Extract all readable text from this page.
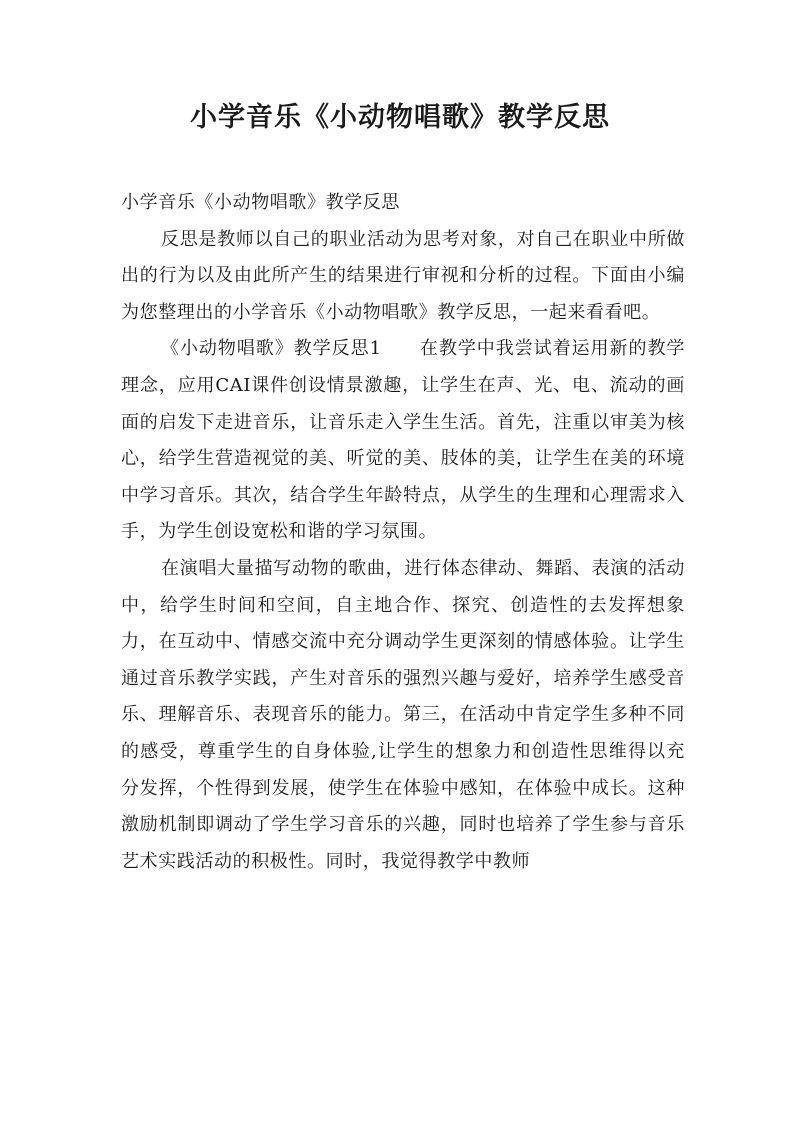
小学音乐《小动物唱歌》教学反思

小学音乐《小动物唱歌》教学反思

反思是教师以自己的职业活动为思考对象，对自己在职业中所做出的行为以及由此所产生的结果进行审视和分析的过程。下面由小编为您整理出的小学音乐《小动物唱歌》教学反思，一起来看看吧。

《小动物唱歌》教学反思1　　在教学中我尝试着运用新的教学理念，应用CAI课件创设情景激趣，让学生在声、光、电、流动的画面的启发下走进音乐，让音乐走入学生生活。首先，注重以审美为核心，给学生营造视觉的美、听觉的美、肢体的美，让学生在美的环境中学习音乐。其次，结合学生年龄特点，从学生的生理和心理需求入手，为学生创设宽松和谐的学习氛围。

在演唱大量描写动物的歌曲，进行体态律动、舞蹈、表演的活动中，给学生时间和空间，自主地合作、探究、创造性的去发挥想象力，在互动中、情感交流中充分调动学生更深刻的情感体验。让学生通过音乐教学实践，产生对音乐的强烈兴趣与爱好，培养学生感受音乐、理解音乐、表现音乐的能力。第三，在活动中肯定学生多种不同的感受，尊重学生的自身体验,让学生的想象力和创造性思维得以充分发挥，个性得到发展，使学生在体验中感知，在体验中成长。这种激励机制即调动了学生学习音乐的兴趣，同时也培养了学生参与音乐艺术实践活动的积极性。同时，我觉得教学中教师
